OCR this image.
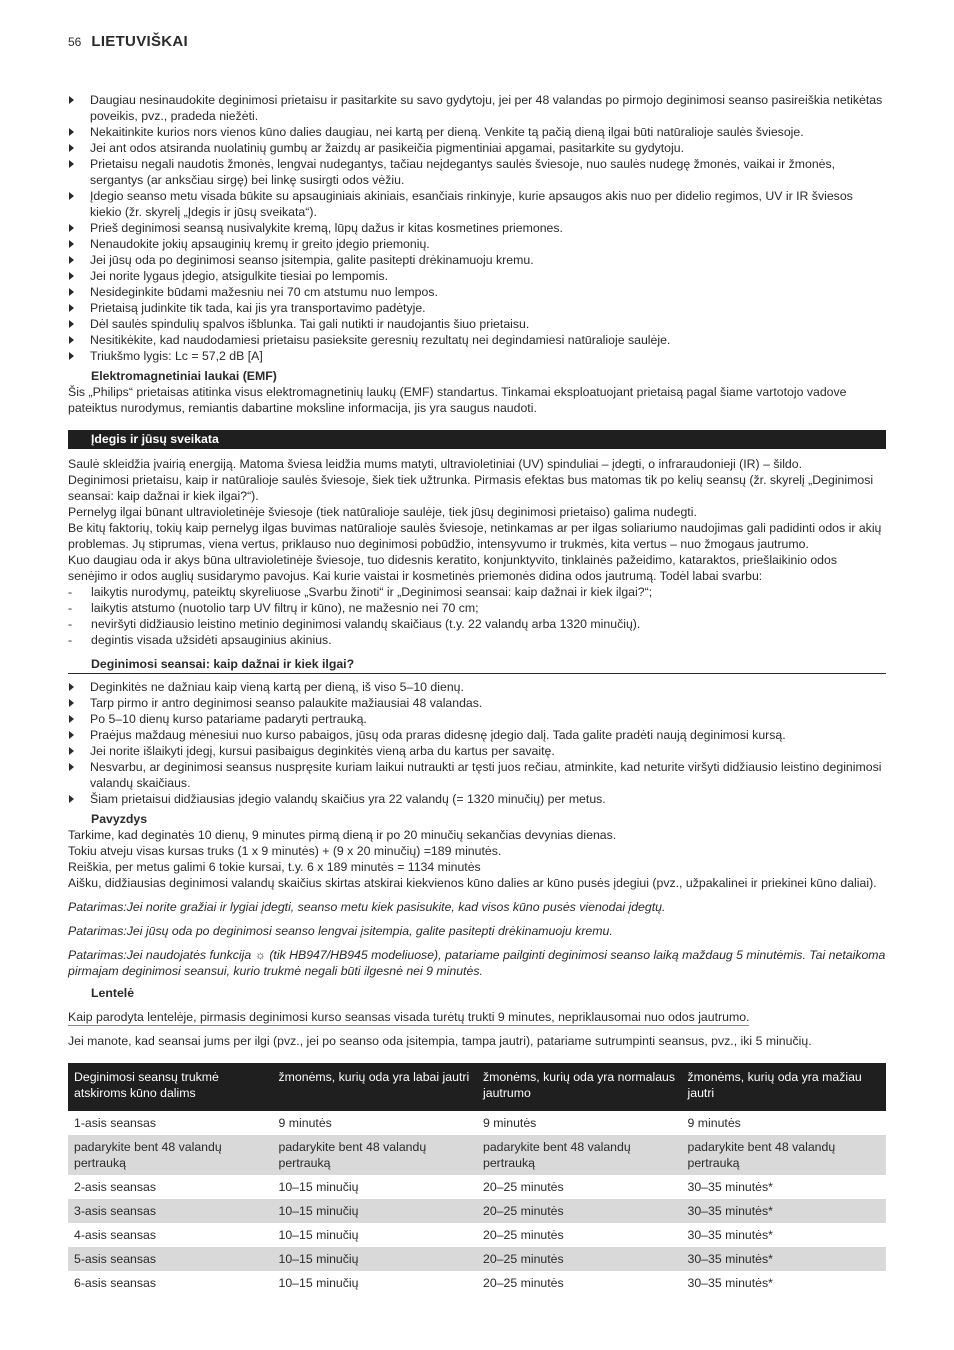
56 LIETUVIŠKAI
Daugiau nesinaudokite deginimosi prietaisu ir pasitarkite su savo gydytoju, jei per 48 valandas po pirmojo deginimosi seanso pasireiškia netikėtas poveikis, pvz., pradeda niežėti.
Nekaitinkite kurios nors vienos kūno dalies daugiau, nei kartą per dieną. Venkite tą pačią dieną ilgai būti natūralioje saulės šviesoje.
Jei ant odos atsiranda nuolatinių gumbų ar žaizdų ar pasikeičia pigmentiniai apgamai, pasitarkite su gydytoju.
Prietaisu negali naudotis žmonės, lengvai nudegantys, tačiau neįdegantys saulės šviesoje, nuo saulės nudegę žmonės, vaikai ir žmonės, sergantys (ar anksčiau sirgę) bei linkę susirgti odos vėžiu.
Įdegio seanso metu visada būkite su apsauginiais akiniais, esančiais rinkinyje, kurie apsaugos akis nuo per didelio regimos, UV ir IR šviesos kiekio (žr. skyrelį „Įdegis ir jūsų sveikata“).
Prieš deginimosi seansą nusivalykite kremą, lūpų dažus ir kitas kosmetines priemones.
Nenaudokite jokių apsauginių kremų ir greito įdegio priemonių.
Jei jūsų oda po deginimosi seanso įsitempia, galite pasitepti drėkinamuoju kremu.
Jei norite lygaus įdegio, atsigulkite tiesiai po lempomis.
Nesideginkite būdami mažesniu nei 70 cm atstumu nuo lempos.
Prietaisą judinkite tik tada, kai jis yra transportavimo padėtyje.
Dėl saulės spindulių spalvos išblunka. Tai gali nutikti ir naudojantis šiuo prietaisu.
Nesitikėkite, kad naudodamiesi prietaisu pasieksite geresnių rezultatų nei degindamiesi natūralioje saulėje.
Triukšmo lygis: Lc = 57,2 dB [A]
Elektromagnetiniai laukai (EMF)

Šis „Philips“ prietaisas atitinka visus elektromagnetinių laukų (EMF) standartus. Tinkamai eksploatuojant prietaisą pagal šiame vartotojo vadove pateiktus nurodymus, remiantis dabartine moksline informacija, jis yra saugus naudoti.

Įdegis ir jūsų sveikata

Saulė skleidžia įvairią energiją. Matoma šviesa leidžia mums matyti, ultravioletiniai (UV) spinduliai – įdegti, o infraraudonieji (IR) – šildo.

Deginimosi prietaisu, kaip ir natūralioje saulės šviesoje, šiek tiek užtrunka. Pirmasis efektas bus matomas tik po kelių seansų (žr. skyrelį „Deginimosi seansai: kaip dažnai ir kiek ilgai?“).

Pernelyg ilgai būnant ultravioletinėje šviesoje (tiek natūralioje saulėje, tiek jūsų deginimosi prietaiso) galima nudegti.

Be kitų faktorių, tokių kaip pernelyg ilgas buvimas natūralioje saulės šviesoje, netinkamas ar per ilgas soliariumo naudojimas gali padidinti odos ir akių problemas. Jų stiprumas, viena vertus, priklauso nuo deginimosi pobūdžio, intensyvumo ir trukmės, kita vertus – nuo žmogaus jautrumo.

Kuo daugiau oda ir akys būna ultravioletinėje šviesoje, tuo didesnis keratito, konjunktyvito, tinklainės pažeidimo, kataraktos, priešlaikinio odos senėjimo ir odos auglių susidarymo pavojus. Kai kurie vaistai ir kosmetinės priemonės didina odos jautrumą. Todėl labai svarbu:

- laikytis nurodymų, pateiktų skyreliuose „Svarbu žinoti“ ir „Deginimosi seansai: kaip dažnai ir kiek ilgai?“;
- laikytis atstumo (nuotolio tarp UV filtrų ir kūno), ne mažesnio nei 70 cm;
- neviršyti didžiausio leistino metinio deginimosi valandų skaičiaus (t.y. 22 valandų arba 1320 minučių).
- degintis visada užsidėti apsauginius akinius.
Deginimosi seansai: kaip dažnai ir kiek ilgai?
Deginkitės ne dažniau kaip vieną kartą per dieną, iš viso 5–10 dienų.
Tarp pirmo ir antro deginimosi seanso palaukite mažiausiai 48 valandas.
Po 5–10 dienų kurso patariame padaryti pertrauką.
Praėjus maždaug mėnesiui nuo kurso pabaigos, jūsų oda praras didesnę įdegio dalį. Tada galite pradėti naują deginimosi kursą.
Jei norite išlaikyti įdegį, kursui pasibaigus deginkitės vieną arba du kartus per savaitę.
Nesvarbu, ar deginimosi seansus nuspręsite kuriam laikui nutraukti ar tęsti juos rečiau, atminkite, kad neturite viršyti didžiausio leistino deginimosi valandų skaičiaus.
Šiam prietaisui didžiausias įdegio valandų skaičius yra 22 valandų (= 1320 minučių) per metus.
Pavyzdys

Tarkime, kad deginatės 10 dienų, 9 minutes pirmą dieną ir po 20 minučių sekančias devynias dienas.

Tokiu atveju visas kursas truks (1 x 9 minutės) + (9 x 20 minučių) =189 minutės.

Reiškia, per metus galimi 6 tokie kursai, t.y. 6 x 189 minutės = 1134 minutės

Aišku, didžiausias deginimosi valandų skaičius skirtas atskirai kiekvienos kūno dalies ar kūno pusės įdegiui (pvz., užpakalinei ir priekinei kūno daliai).

Patarimas:Jei norite gražiai ir lygiai įdegti, seanso metu kiek pasisukite, kad visos kūno pusės vienodai įdegtų.

Patarimas:Jei jūsų oda po deginimosi seanso lengvai įsitempia, galite pasitepti drėkinamuoju kremu.

Patarimas:Jei naudojatės funkcija ☼ (tik HB947/HB945 modeliuose), patariame pailginti deginimosi seanso laiką maždaug 5 minutėmis. Tai netaikoma pirmajam deginimosi seansui, kurio trukmė negali būti ilgesnė nei 9 minutės.

Lentelė

Kaip parodyta lentelėje, pirmasis deginimosi kurso seansas visada turėtų trukti 9 minutes, nepriklausomai nuo odos jautrumo.

Jei manote, kad seansai jums per ilgi (pvz., jei po seanso oda įsitempia, tampa jautri), patariame sutrumpinti seansus, pvz., iki 5 minučių.

Deginimosi seansų trukmė atskiroms kūno dalims	žmonėms, kurių oda yra labai jautri	žmonėms, kurių oda yra normalaus jautrumo	žmonėms, kurių oda yra mažiau jautri
1-asis seansas	9 minutės	9 minutės	9 minutės
padarykite bent 48 valandų pertrauką	padarykite bent 48 valandų pertrauką	padarykite bent 48 valandų pertrauką	padarykite bent 48 valandų pertrauką
2-asis seansas	10–15 minučių	20–25 minutės	30–35 minutės*
3-asis seansas	10–15 minučių	20–25 minutės	30–35 minutės*
4-asis seansas	10–15 minučių	20–25 minutės	30–35 minutės*
5-asis seansas	10–15 minučių	20–25 minutės	30–35 minutės*
6-asis seansas	10–15 minučių	20–25 minutės	30–35 minutės*
